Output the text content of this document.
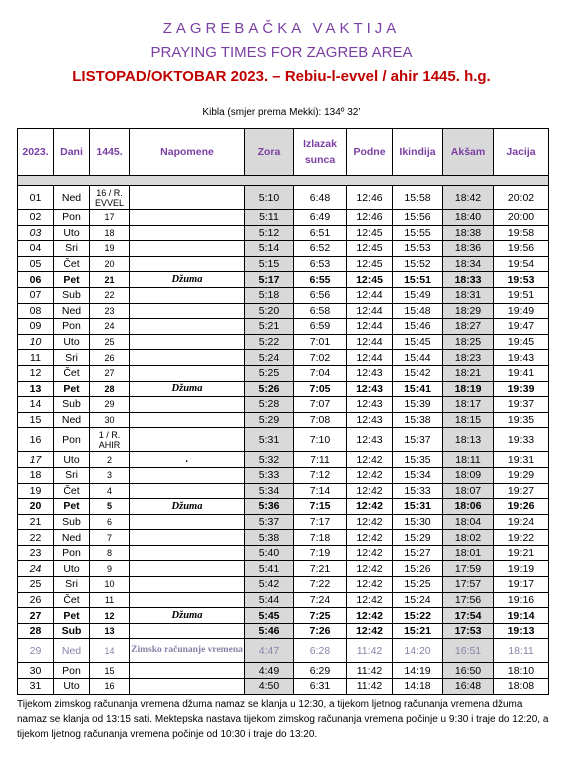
ZAGREBAČKA VAKTIJA
PRAYING TIMES FOR ZAGREB AREA
LISTOPAD/OKTOBAR 2023. – Rebiu-l-evvel / ahir 1445. h.g.
Kibla (smjer prema Mekki): 134º 32’
2023.	Dani	1445.	Napomene	Zora	Izlazak sunca	Podne	Ikindija	Akšam	Jacija

01	Ned	16 / R. EVVEL		5:10	6:48	12:46	15:58	18:42	20:02
02	Pon	17		5:11	6:49	12:46	15:56	18:40	20:00
03	Uto	18		5:12	6:51	12:45	15:55	18:38	19:58
04	Sri	19		5:14	6:52	12:45	15:53	18:36	19:56
05	Čet	20		5:15	6:53	12:45	15:52	18:34	19:54
06	Pet	21	Džuma	5:17	6:55	12:45	15:51	18:33	19:53
07	Sub	22		5:18	6:56	12:44	15:49	18:31	19:51
08	Ned	23		5:20	6:58	12:44	15:48	18:29	19:49
09	Pon	24		5:21	6:59	12:44	15:46	18:27	19:47
10	Uto	25		5:22	7:01	12:44	15:45	18:25	19:45
11	Sri	26		5:24	7:02	12:44	15:44	18:23	19:43
12	Čet	27		5:25	7:04	12:43	15:42	18:21	19:41
13	Pet	28	Džuma	5:26	7:05	12:43	15:41	18:19	19:39
14	Sub	29		5:28	7:07	12:43	15:39	18:17	19:37
15	Ned	30		5:29	7:08	12:43	15:38	18:15	19:35
16	Pon	1 / R. AHIR		5:31	7:10	12:43	15:37	18:13	19:33
17	Uto	2	.	5:32	7:11	12:42	15:35	18:11	19:31
18	Sri	3		5:33	7:12	12:42	15:34	18:09	19:29
19	Čet	4		5:34	7:14	12:42	15:33	18:07	19:27
20	Pet	5	Džuma	5:36	7:15	12:42	15:31	18:06	19:26
21	Sub	6		5:37	7:17	12:42	15:30	18:04	19:24
22	Ned	7		5:38	7:18	12:42	15:29	18:02	19:22
23	Pon	8		5:40	7:19	12:42	15:27	18:01	19:21
24	Uto	9		5:41	7:21	12:42	15:26	17:59	19:19
25	Sri	10		5:42	7:22	12:42	15:25	17:57	19:17
26	Čet	11		5:44	7:24	12:42	15:24	17:56	19:16
27	Pet	12	Džuma	5:45	7:25	12:42	15:22	17:54	19:14
28	Sub	13		5:46	7:26	12:42	15:21	17:53	19:13
29	Ned	14	Zimsko računanje vremena	4:47	6:28	11:42	14:20	16:51	18:11
30	Pon	15		4:49	6:29	11:42	14:19	16:50	18:10
31	Uto	16		4:50	6:31	11:42	14:18	16:48	18:08
Tijekom zimskog računanja vremena džuma namaz se klanja u 12:30, a tijekom ljetnog računanja vremena džuma namaz se klanja od 13:15 sati. Mektepska nastava tijekom zimskog računanja vremena počinje u 9:30 i traje do 12:20, a tijekom ljetnog računanja vremena počinje od 10:30 i traje do 13:20.
